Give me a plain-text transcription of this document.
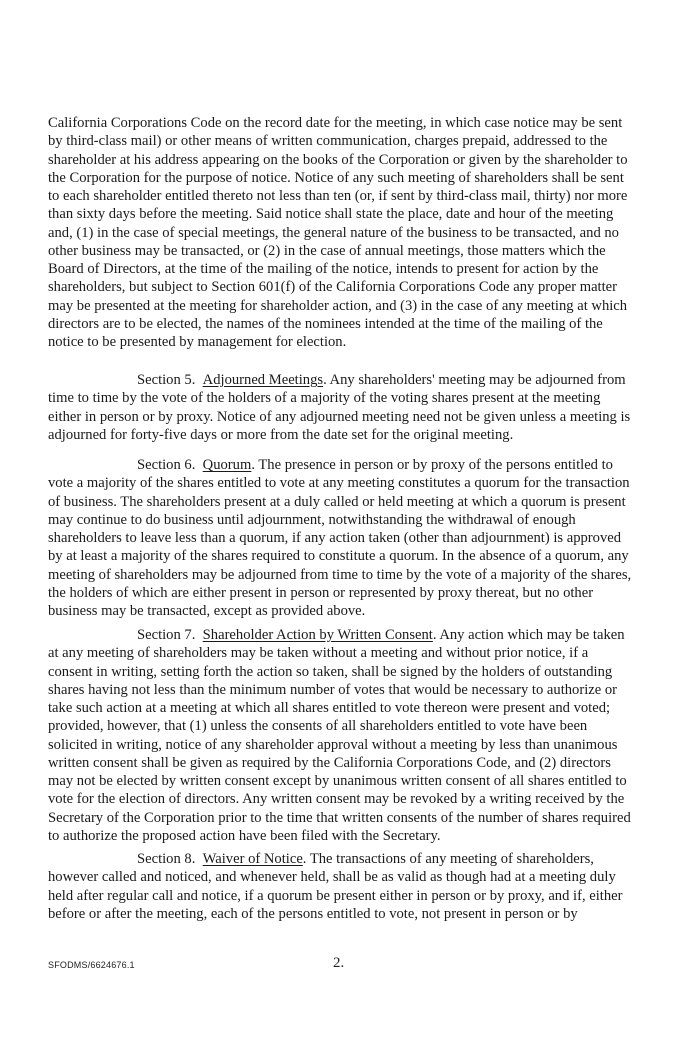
California Corporations Code on the record date for the meeting, in which case notice may be sent by third-class mail) or other means of written communication, charges prepaid, addressed to the shareholder at his address appearing on the books of the Corporation or given by the shareholder to the Corporation for the purpose of notice. Notice of any such meeting of shareholders shall be sent to each shareholder entitled thereto not less than ten (or, if sent by third-class mail, thirty) nor more than sixty days before the meeting. Said notice shall state the place, date and hour of the meeting and, (1) in the case of special meetings, the general nature of the business to be transacted, and no other business may be transacted, or (2) in the case of annual meetings, those matters which the Board of Directors, at the time of the mailing of the notice, intends to present for action by the shareholders, but subject to Section 601(f) of the California Corporations Code any proper matter may be presented at the meeting for shareholder action, and (3) in the case of any meeting at which directors are to be elected, the names of the nominees intended at the time of the mailing of the notice to be presented by management for election.
Section 5. Adjourned Meetings. Any shareholders' meeting may be adjourned from time to time by the vote of the holders of a majority of the voting shares present at the meeting either in person or by proxy. Notice of any adjourned meeting need not be given unless a meeting is adjourned for forty-five days or more from the date set for the original meeting.
Section 6. Quorum. The presence in person or by proxy of the persons entitled to vote a majority of the shares entitled to vote at any meeting constitutes a quorum for the transaction of business. The shareholders present at a duly called or held meeting at which a quorum is present may continue to do business until adjournment, notwithstanding the withdrawal of enough shareholders to leave less than a quorum, if any action taken (other than adjournment) is approved by at least a majority of the shares required to constitute a quorum. In the absence of a quorum, any meeting of shareholders may be adjourned from time to time by the vote of a majority of the shares, the holders of which are either present in person or represented by proxy thereat, but no other business may be transacted, except as provided above.
Section 7. Shareholder Action by Written Consent. Any action which may be taken at any meeting of shareholders may be taken without a meeting and without prior notice, if a consent in writing, setting forth the action so taken, shall be signed by the holders of outstanding shares having not less than the minimum number of votes that would be necessary to authorize or take such action at a meeting at which all shares entitled to vote thereon were present and voted; provided, however, that (1) unless the consents of all shareholders entitled to vote have been solicited in writing, notice of any shareholder approval without a meeting by less than unanimous written consent shall be given as required by the California Corporations Code, and (2) directors may not be elected by written consent except by unanimous written consent of all shares entitled to vote for the election of directors. Any written consent may be revoked by a writing received by the Secretary of the Corporation prior to the time that written consents of the number of shares required to authorize the proposed action have been filed with the Secretary.
Section 8. Waiver of Notice. The transactions of any meeting of shareholders, however called and noticed, and whenever held, shall be as valid as though had at a meeting duly held after regular call and notice, if a quorum be present either in person or by proxy, and if, either before or after the meeting, each of the persons entitled to vote, not present in person or by
SFODMS/6624676.1	2.
